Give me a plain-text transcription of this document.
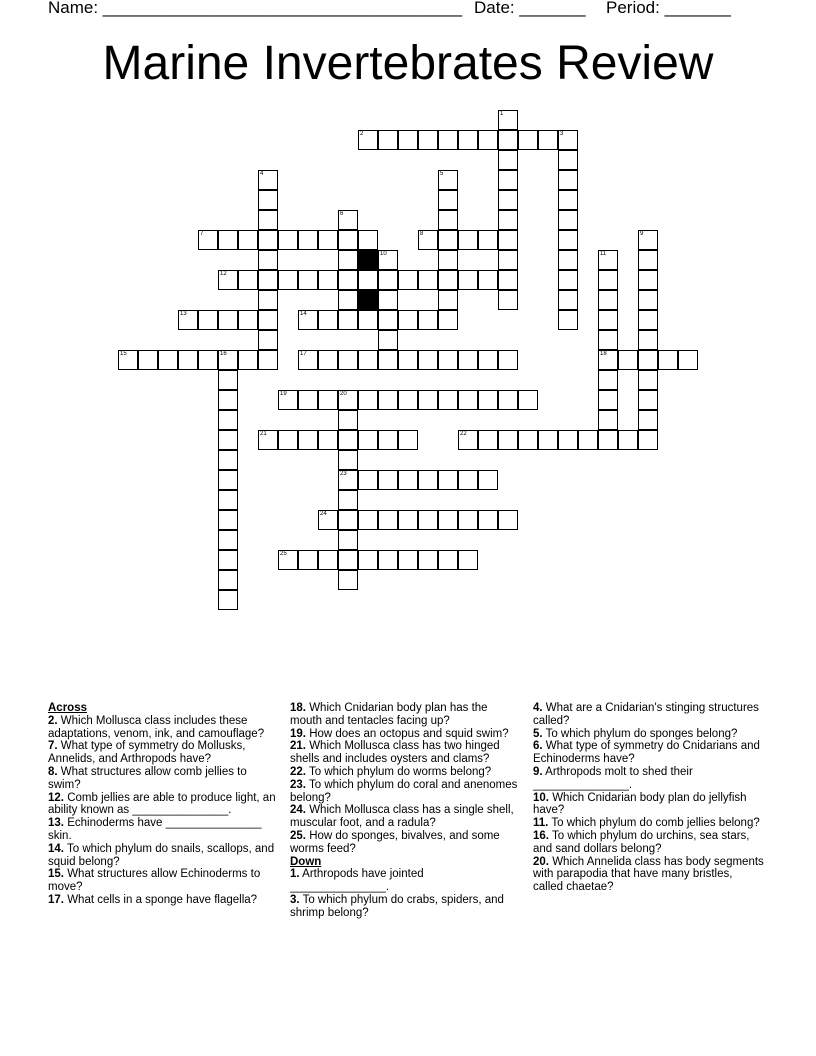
Name: ______________________________________ Date: _______ Period: _______
Marine Invertebrates Review
1
2	3
4	5
6
7	8	9
10	11
18
12
13	14
15	16	17
19	20
23
21	22
24
25

Across

2. Which Mollusca class includes these adaptations, venom, ink, and camouflage?

7. What type of symmetry do Mollusks, Annelids, and Arthropods have?

8. What structures allow comb jellies to swim?

12. Comb jellies are able to produce light, an ability known as _______________.

13. Echinoderms have _______________ skin.

14. To which phylum do snails, scallops, and squid belong?

15. What structures allow Echinoderms to move?

17. What cells in a sponge have flagella?

18. Which Cnidarian body plan has the mouth and tentacles facing up?

19. How does an octopus and squid swim?

21. Which Mollusca class has two hinged shells and includes oysters and clams?

22. To which phylum do worms belong?

23. To which phylum do coral and anenomes belong?

24. Which Mollusca class has a single shell, muscular foot, and a radula?

25. How do sponges, bivalves, and some worms feed?

Down

1. Arthropods have jointed _______________.

3. To which phylum do crabs, spiders, and shrimp belong?

4. What are a Cnidarian's stinging structures called?

5. To which phylum do sponges belong?

6. What type of symmetry do Cnidarians and Echinoderms have?

9. Arthropods molt to shed their _______________.

10. Which Cnidarian body plan do jellyfish have?

11. To which phylum do comb jellies belong?

16. To which phylum do urchins, sea stars, and sand dollars belong?

20. Which Annelida class has body segments with parapodia that have many bristles, called chaetae?
